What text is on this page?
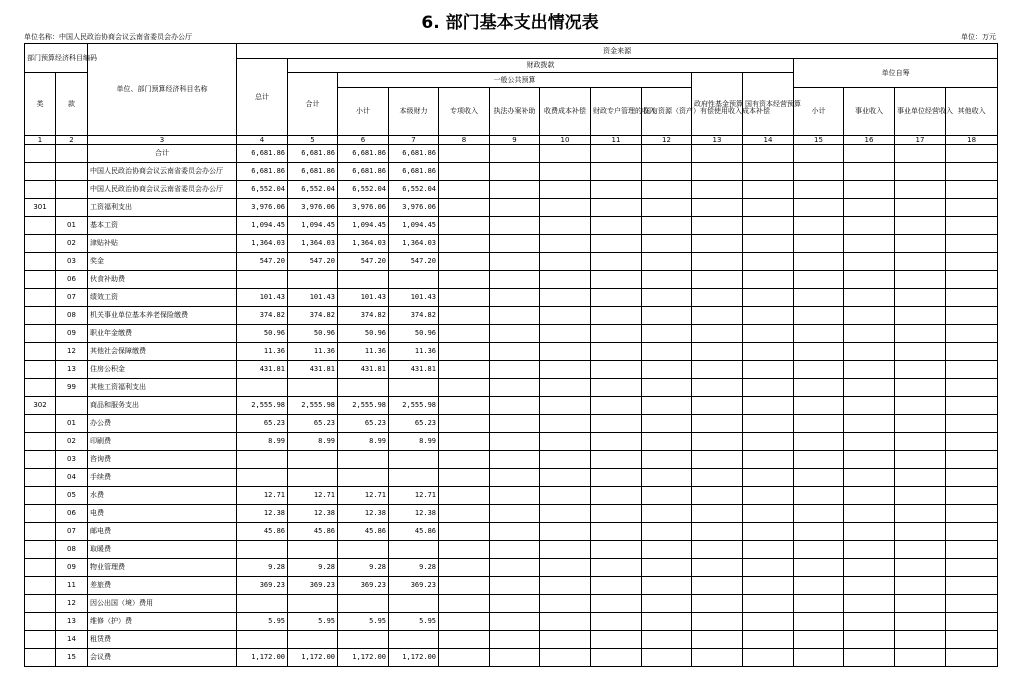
6. 部门基本支出情况表
单位名称：中国人民政治协商会议云南省委员会办公厅	单位：万元
部门预算经济科目编码		单位、部门预算经济科目名称	资金来源														
			总计	财政拨款										单位自筹			
类	款			合计	一般公共预算							政府性基金预算	国有资本经营预算				
					小计	本级财力	专项收入	执法办案补助	收费成本补偿	财政专户管理的收入	国有资源（资产）有偿使用收入成本补偿			小计	事业收入	事业单位经营收入	其他收入
1	2	3	4	5	6	7	8	9	10	11	12	13	14	15	16	17	18
		合计	6,681.86	6,681.86	6,681.86	6,681.86											
		中国人民政治协商会议云南省委员会办公厅	6,681.86	6,681.86	6,681.86	6,681.86											
		中国人民政治协商会议云南省委员会办公厅	6,552.04	6,552.04	6,552.04	6,552.04											
301		工资福利支出	3,976.06	3,976.06	3,976.06	3,976.06											
	01	基本工资	1,094.45	1,094.45	1,094.45	1,094.45											
	02	津贴补贴	1,364.03	1,364.03	1,364.03	1,364.03											
	03	奖金	547.20	547.20	547.20	547.20											
	06	伙食补助费															
	07	绩效工资	101.43	101.43	101.43	101.43											
	08	机关事业单位基本养老保险缴费	374.82	374.82	374.82	374.82											
	09	职业年金缴费	50.96	50.96	50.96	50.96											
	12	其他社会保障缴费	11.36	11.36	11.36	11.36											
	13	住房公积金	431.81	431.81	431.81	431.81											
	99	其他工资福利支出															
302		商品和服务支出	2,555.98	2,555.98	2,555.98	2,555.98											
	01	办公费	65.23	65.23	65.23	65.23											
	02	印刷费	8.99	8.99	8.99	8.99											
	03	咨询费															
	04	手续费															
	05	水费	12.71	12.71	12.71	12.71											
	06	电费	12.38	12.38	12.38	12.38											
	07	邮电费	45.86	45.86	45.86	45.86											
	08	取暖费															
	09	物业管理费	9.28	9.28	9.28	9.28											
	11	差旅费	369.23	369.23	369.23	369.23											
	12	因公出国（境）费用															
	13	维修（护）费	5.95	5.95	5.95	5.95											
	14	租赁费															
	15	会议费	1,172.00	1,172.00	1,172.00	1,172.00											
